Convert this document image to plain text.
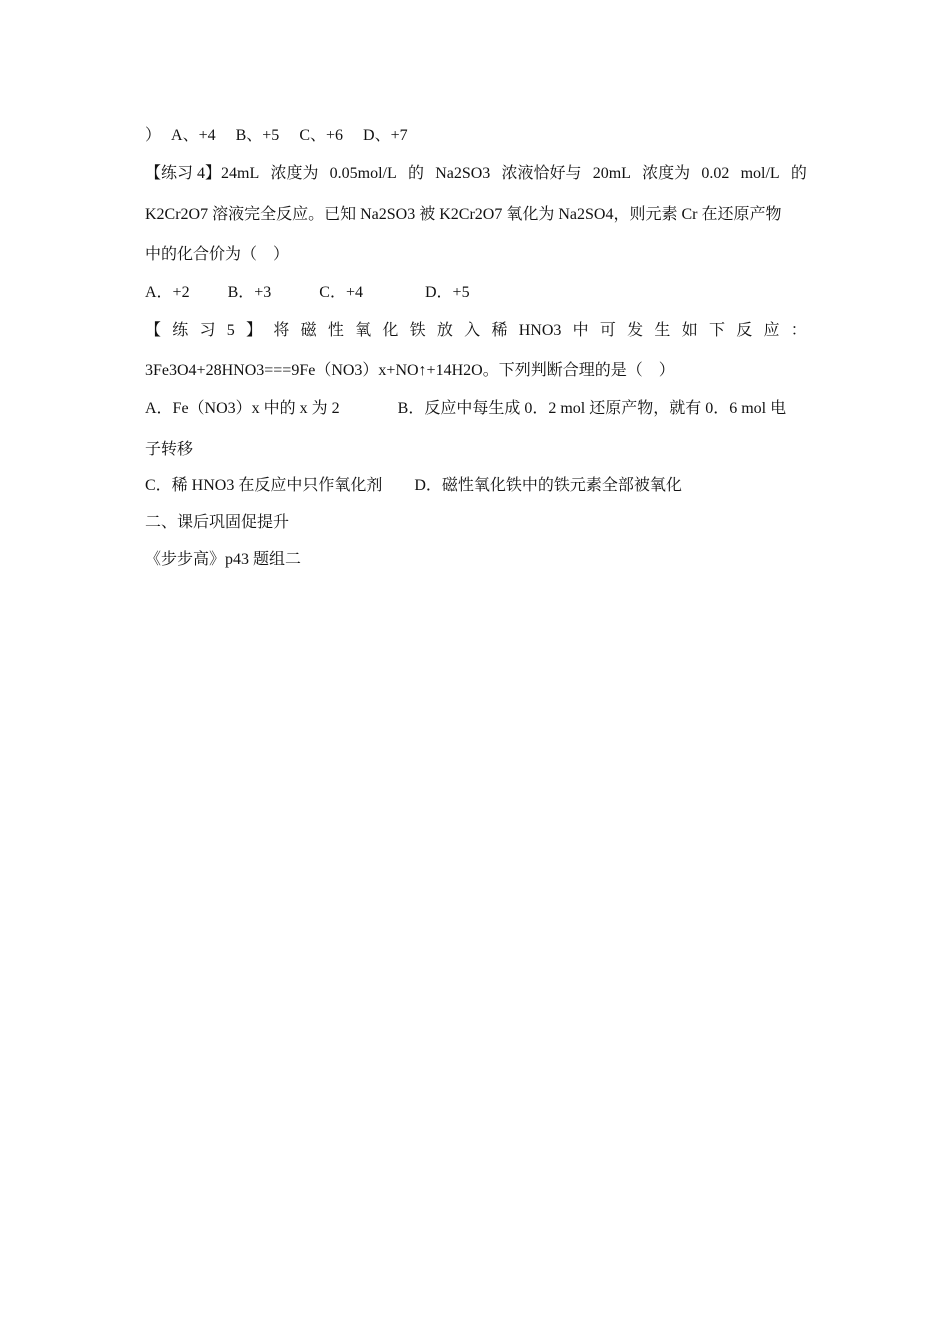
） A、+4 B、+5 C、+6 D、+7
【练习 4】24mL 浓度为 0.05mol/L 的 Na2SO3 浓液恰好与 20mL 浓度为 0.02 mol/L 的
K2Cr2O7 溶液完全反应。已知 Na2SO3 被 K2Cr2O7 氧化为 Na2SO4，则元素 Cr 在还原产物
中的化合价为（　）
A．+2 B．+3	C．+4	D．+5
【 练 习 5 】 将 磁 性 氧 化 铁 放 入 稀 HNO3 中 可 发 生 如 下 反 应 ：
3Fe3O4+28HNO3===9Fe（NO3）x+NO↑+14H2O。下列判断合理的是（　）
A．Fe（NO3）x 中的 x 为 2	B．反应中每生成 0．2 mol 还原产物，就有 0．6 mol 电
子转移
C．稀 HNO3 在反应中只作氧化剂 D．磁性氧化铁中的铁元素全部被氧化
二、课后巩固促提升
《步步高》p43 题组二
